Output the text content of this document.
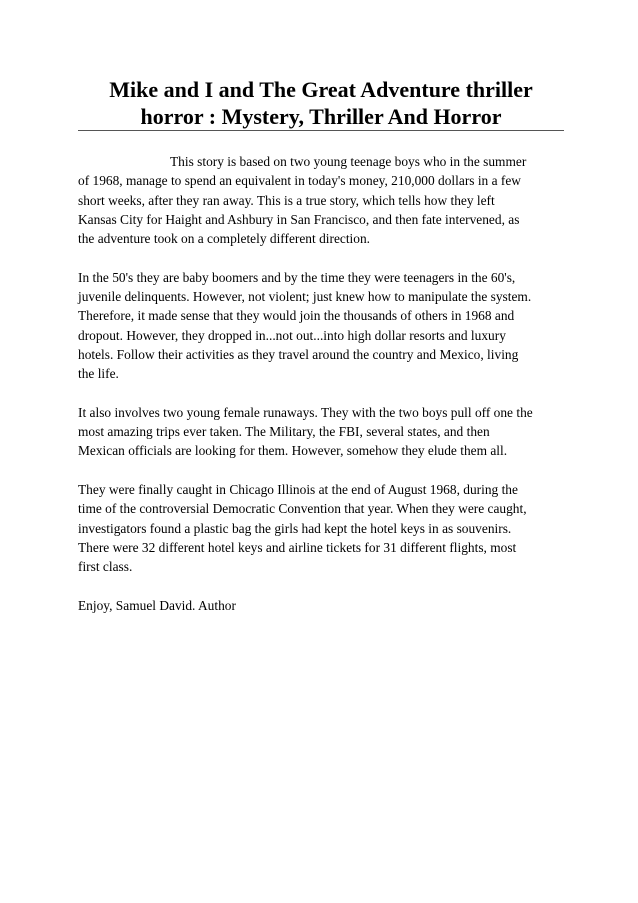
Mike and I and The Great Adventure thriller
horror : Mystery, Thriller And Horror

This story is based on two young teenage boys who in the summer
of 1968, manage to spend an equivalent in today's money, 210,000 dollars in a few
short weeks, after they ran away. This is a true story, which tells how they left
Kansas City for Haight and Ashbury in San Francisco, and then fate intervened, as
the adventure took on a completely different direction.

In the 50's they are baby boomers and by the time they were teenagers in the 60's,
juvenile delinquents. However, not violent; just knew how to manipulate the system.
Therefore, it made sense that they would join the thousands of others in 1968 and
dropout. However, they dropped in...not out...into high dollar resorts and luxury
hotels. Follow their activities as they travel around the country and Mexico, living
the life.

It also involves two young female runaways. They with the two boys pull off one the
most amazing trips ever taken. The Military, the FBI, several states, and then
Mexican officials are looking for them. However, somehow they elude them all.

They were finally caught in Chicago Illinois at the end of August 1968, during the
time of the controversial Democratic Convention that year. When they were caught,
investigators found a plastic bag the girls had kept the hotel keys in as souvenirs.
There were 32 different hotel keys and airline tickets for 31 different flights, most
first class.

Enjoy, Samuel David. Author
